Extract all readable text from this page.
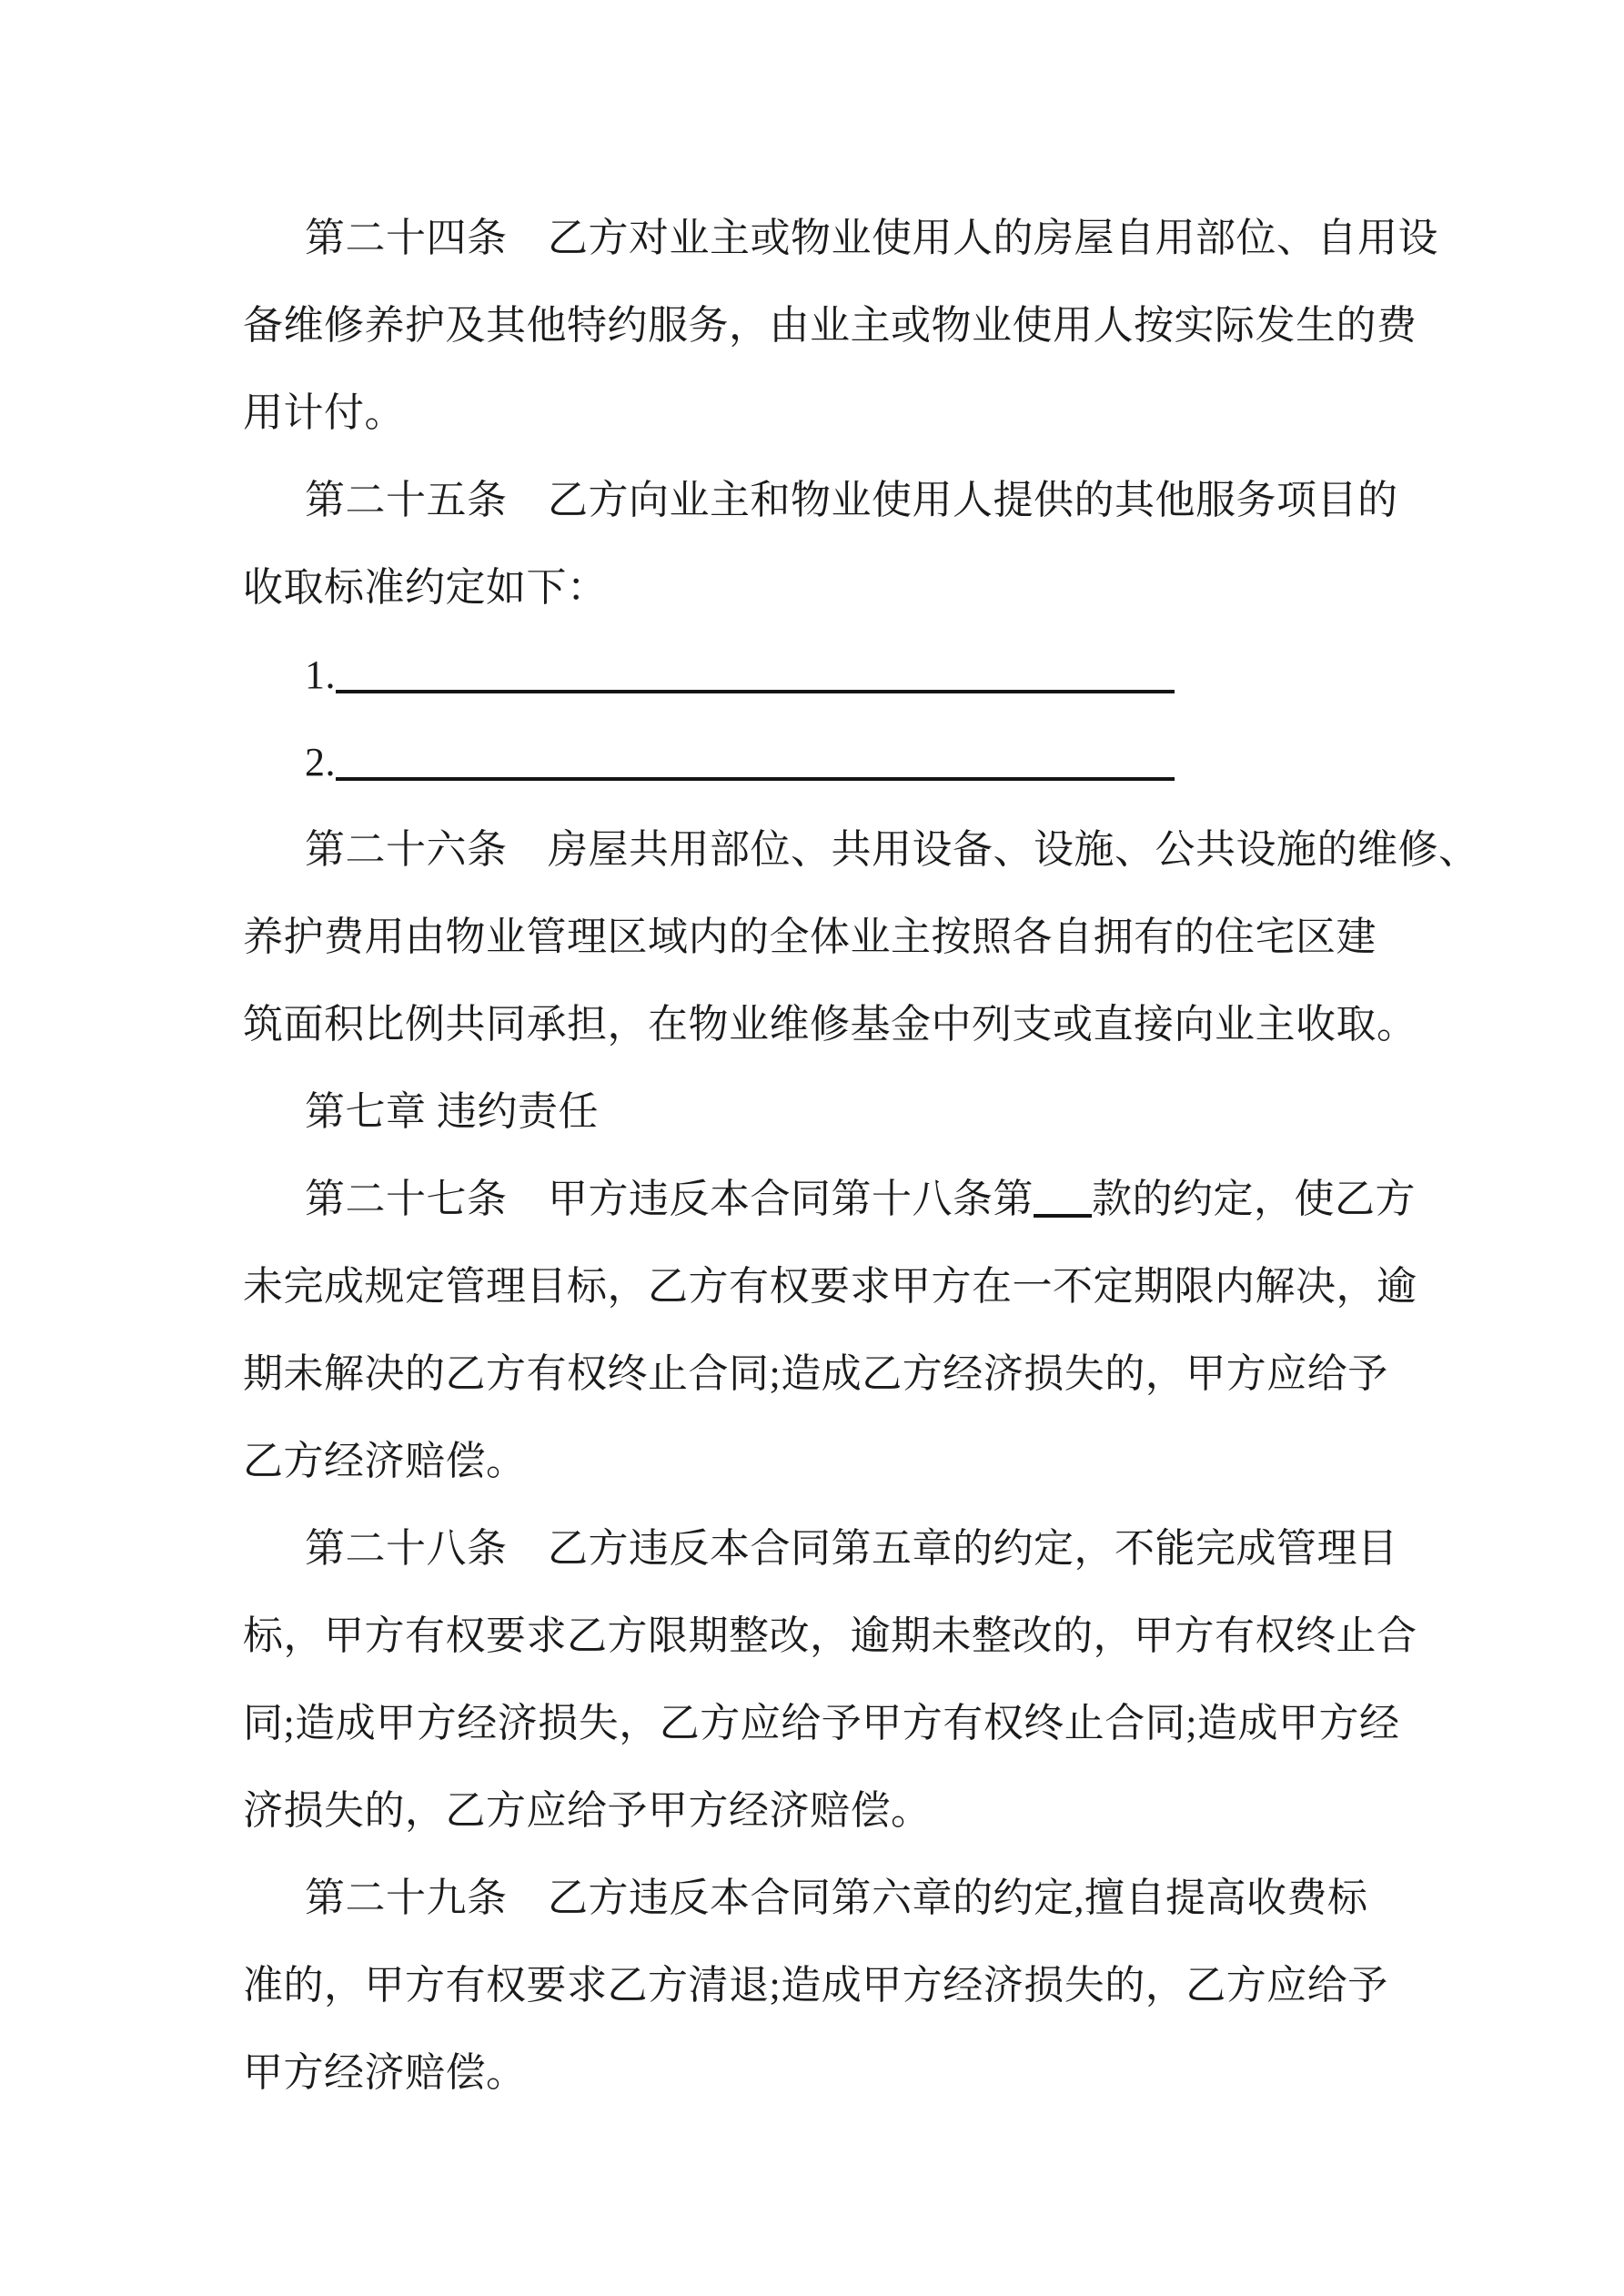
第二十四条　乙方对业主或物业使用人的房屋自用部位、自用设
备维修养护及其他特约服务，由业主或物业使用人按实际发生的费
用计付。
第二十五条　乙方向业主和物业使用人提供的其他服务项目的
收取标准约定如下：
1.
2.
第二十六条　房屋共用部位、共用设备、设施、公共设施的维修、
养护费用由物业管理区域内的全体业主按照各自拥有的住宅区建
筑面积比例共同承担，在物业维修基金中列支或直接向业主收取。
第七章 违约责任
第二十七条　甲方违反本合同第十八条第 款的约定，使乙方
未完成规定管理目标，乙方有权要求甲方在一不定期限内解决，逾
期未解决的乙方有权终止合同;造成乙方经济损失的，甲方应给予
乙方经济赔偿。
第二十八条　乙方违反本合同第五章的约定，不能完成管理目
标，甲方有权要求乙方限期整改，逾期未整改的，甲方有权终止合
同;造成甲方经济损失，乙方应给予甲方有权终止合同;造成甲方经
济损失的，乙方应给予甲方经济赔偿。
第二十九条　乙方违反本合同第六章的约定,擅自提高收费标
准的，甲方有权要求乙方清退;造成甲方经济损失的，乙方应给予
甲方经济赔偿。
